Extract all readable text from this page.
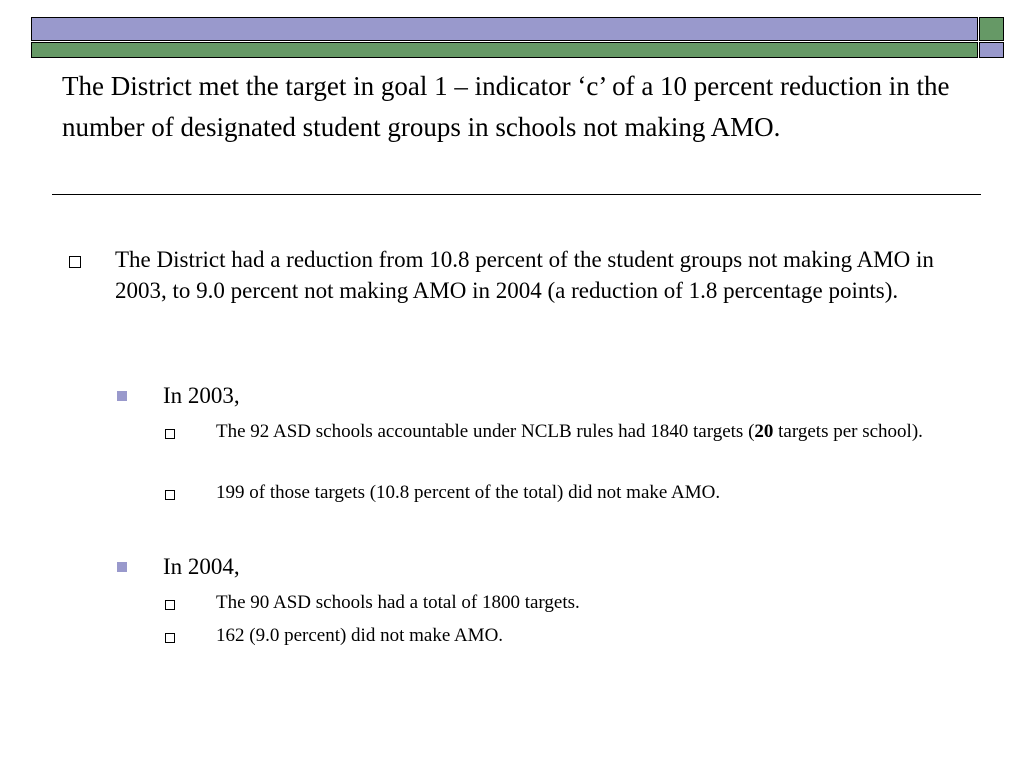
The District met the target in goal 1 – indicator ‘c’ of a 10 percent reduction in the number of designated student groups in schools not making AMO.

The District had a reduction from 10.8 percent of the student groups not making AMO in 2003, to 9.0 percent not making AMO in 2004 (a reduction of 1.8 percentage points).

In 2003,

The 92 ASD schools accountable under NCLB rules had 1840 targets (20 targets per school).

199 of those targets (10.8 percent of the total) did not make AMO.

In 2004,

The 90 ASD schools had a total of 1800 targets.

162 (9.0 percent) did not make AMO.
